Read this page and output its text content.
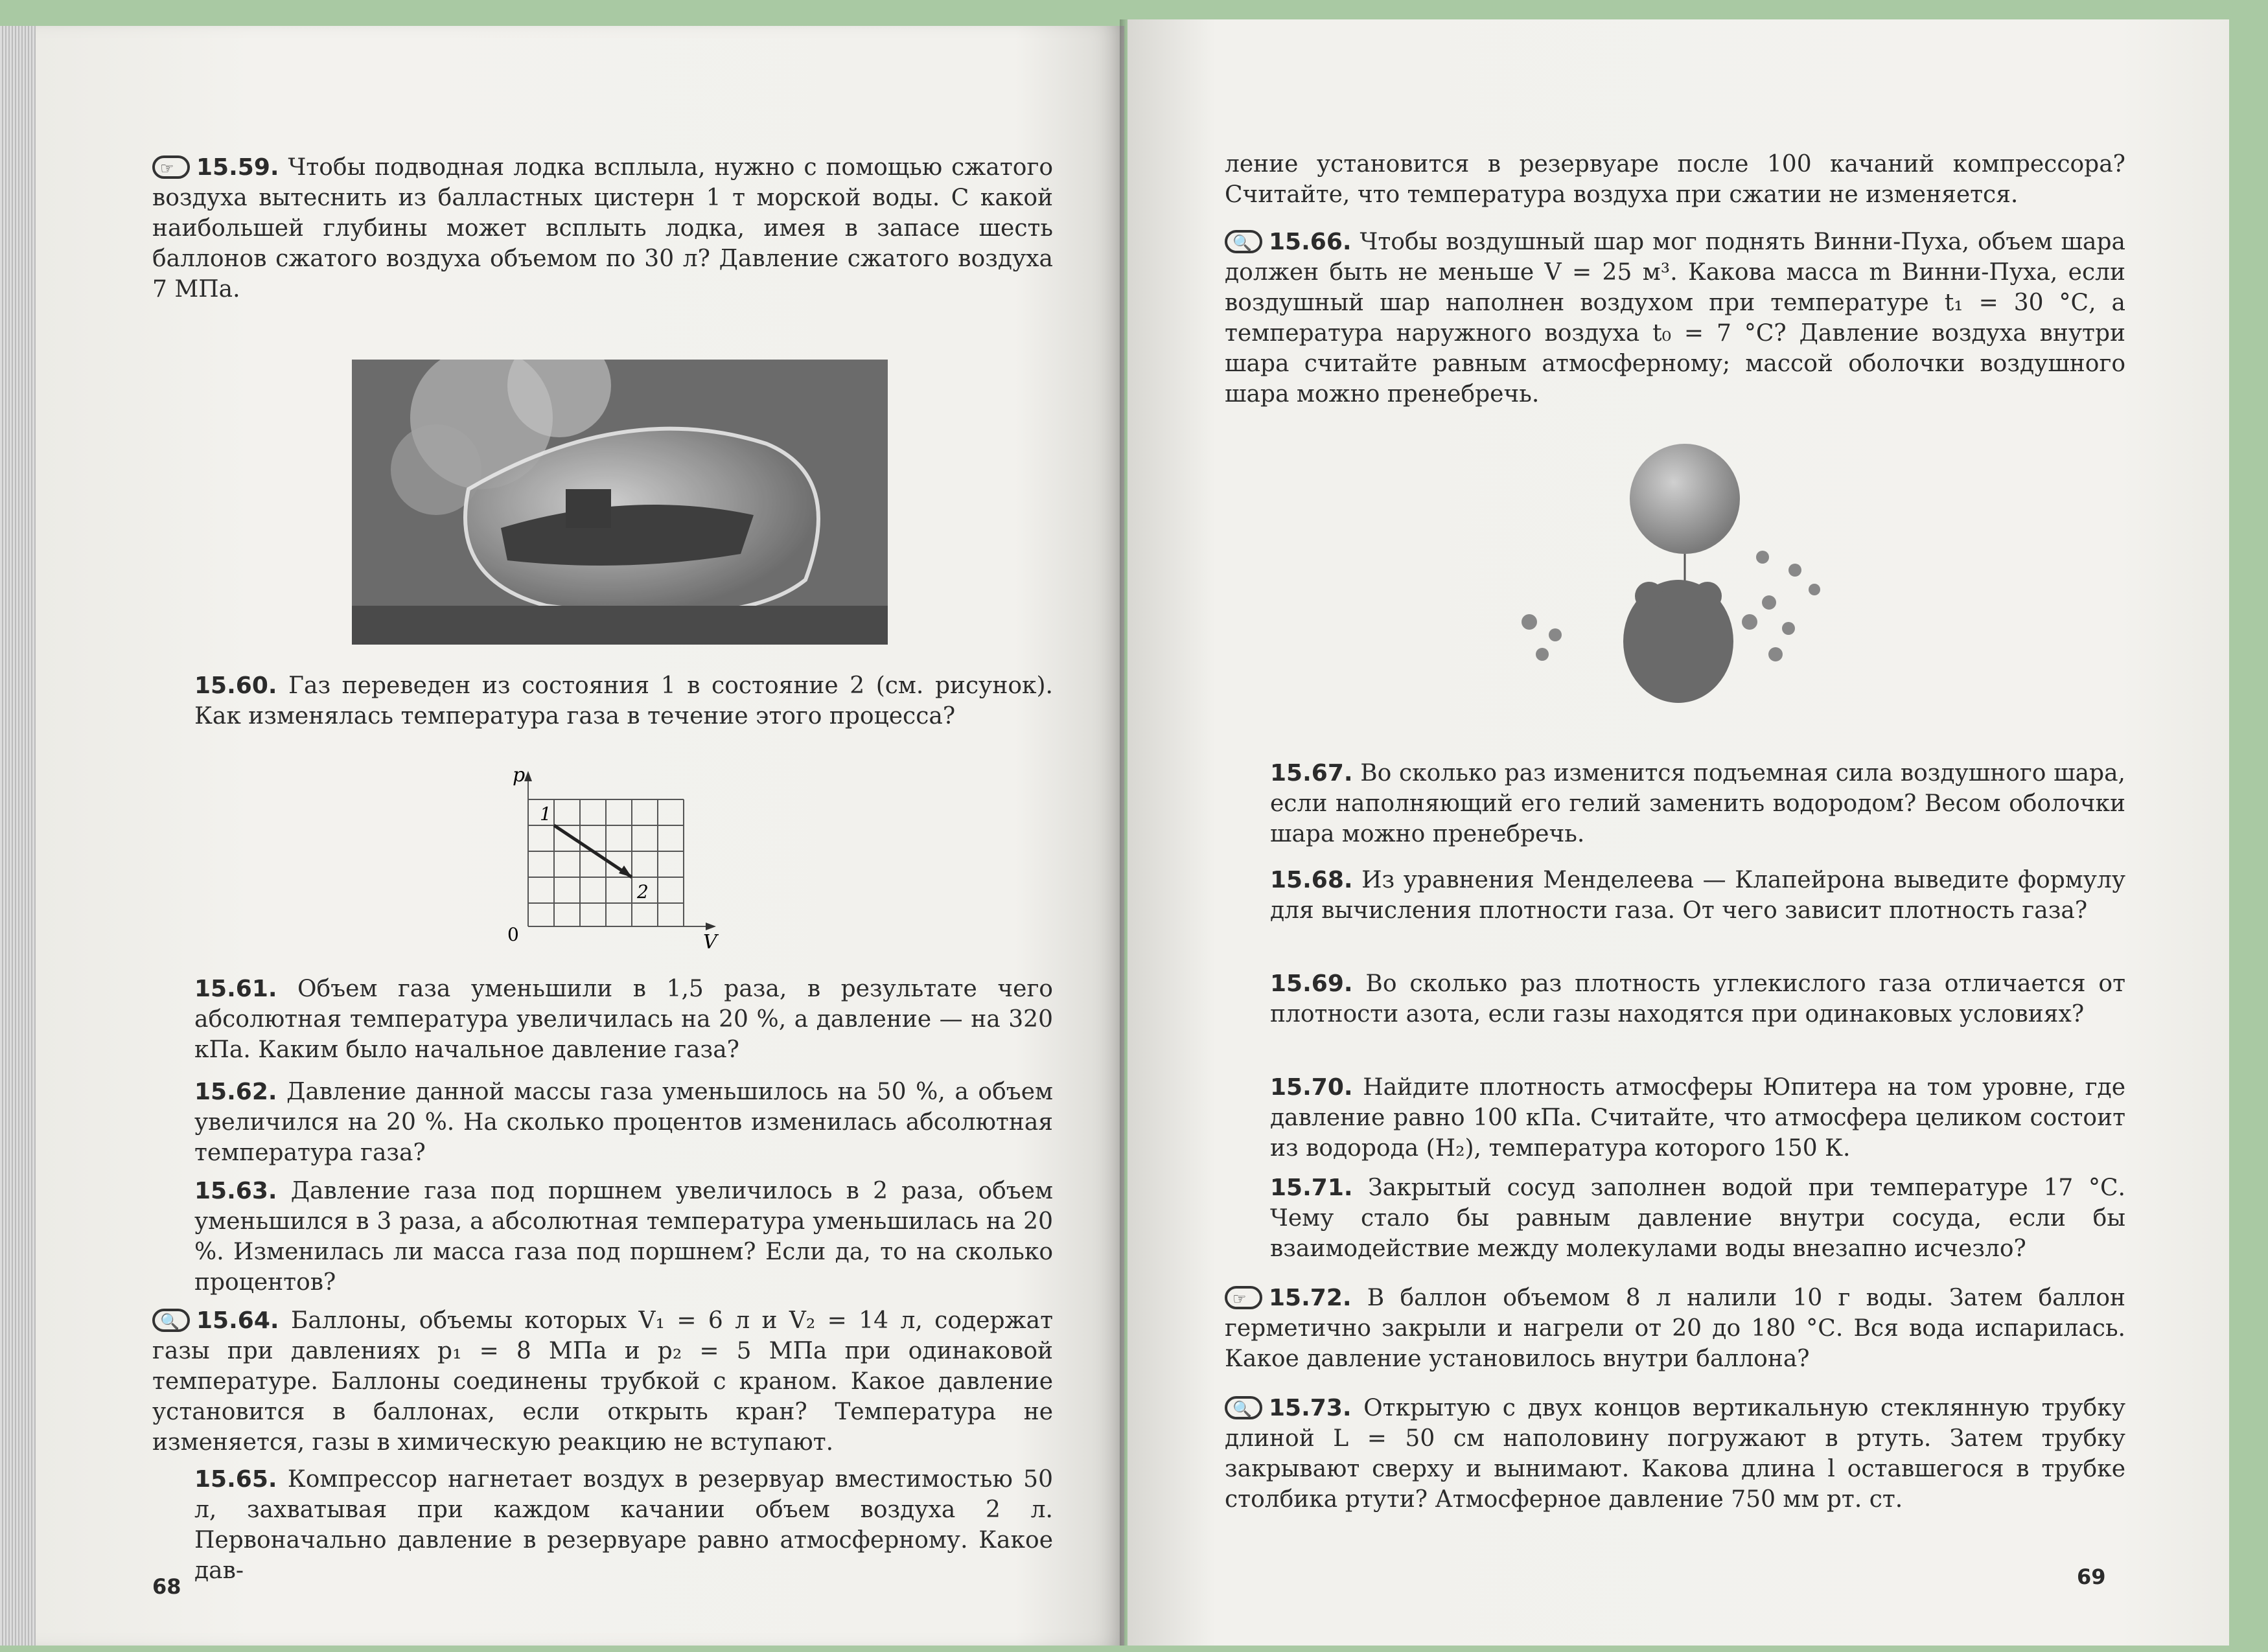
☞ 15.59. Чтобы подводная лодка всплыла, нужно с помощью сжатого воздуха вытеснить из балластных цистерн 1 т морской воды. С какой наибольшей глубины может всплыть лодка, имея в запасе шесть баллонов сжатого воздуха объемом по 30 л? Давление сжатого воздуха 7 МПа.
15.60. Газ переведен из состояния 1 в состояние 2 (см. рисунок). Как изменялась температура газа в течение этого процесса?
p
V
0
1
2
15.61. Объем газа уменьшили в 1,5 раза, в результате чего абсолютная температура увеличилась на 20 %, а давление — на 320 кПа. Каким было начальное давление газа?
15.62. Давление данной массы газа уменьшилось на 50 %, а объем увеличился на 20 %. На сколько процентов изменилась абсолютная температура газа?
15.63. Давление газа под поршнем увеличилось в 2 раза, объем уменьшился в 3 раза, а абсолютная температура уменьшилась на 20 %. Изменилась ли масса газа под поршнем? Если да, то на сколько процентов?
🔍 15.64. Баллоны, объемы которых V₁ = 6 л и V₂ = 14 л, содержат газы при давлениях p₁ = 8 МПа и p₂ = 5 МПа при одинаковой температуре. Баллоны соединены трубкой с краном. Какое давление установится в баллонах, если открыть кран? Температура не изменяется, газы в химическую реакцию не вступают.
15.65. Компрессор нагнетает воздух в резервуар вместимостью 50 л, захватывая при каждом качании объем воздуха 2 л. Первоначально давление в резервуаре равно атмосферному. Какое дав-
68
ление установится в резервуаре после 100 качаний компрессора? Считайте, что температура воздуха при сжатии не изменяется.
🔍 15.66. Чтобы воздушный шар мог поднять Винни-Пуха, объем шара должен быть не меньше V = 25 м³. Какова масса m Винни-Пуха, если воздушный шар наполнен воздухом при температуре t₁ = 30 °С, а температура наружного воздуха t₀ = 7 °С? Давление воздуха внутри шара считайте равным атмосферному; массой оболочки воздушного шара можно пренебречь.
15.67. Во сколько раз изменится подъемная сила воздушного шара, если наполняющий его гелий заменить водородом? Весом оболочки шара можно пренебречь.
15.68. Из уравнения Менделеева — Клапейрона выведите формулу для вычисления плотности газа. От чего зависит плотность газа?
15.69. Во сколько раз плотность углекислого газа отличается от плотности азота, если газы находятся при одинаковых условиях?
15.70. Найдите плотность атмосферы Юпитера на том уровне, где давление равно 100 кПа. Считайте, что атмосфера целиком состоит из водорода (H₂), температура которого 150 К.
15.71. Закрытый сосуд заполнен водой при температуре 17 °С. Чему стало бы равным давление внутри сосуда, если бы взаимодействие между молекулами воды внезапно исчезло?
☞ 15.72. В баллон объемом 8 л налили 10 г воды. Затем баллон герметично закрыли и нагрели от 20 до 180 °С. Вся вода испарилась. Какое давление установилось внутри баллона?
🔍 15.73. Открытую с двух концов вертикальную стеклянную трубку длиной L = 50 см наполовину погружают в ртуть. Затем трубку закрывают сверху и вынимают. Какова длина l оставшегося в трубке столбика ртути? Атмосферное давление 750 мм рт. ст.
69
